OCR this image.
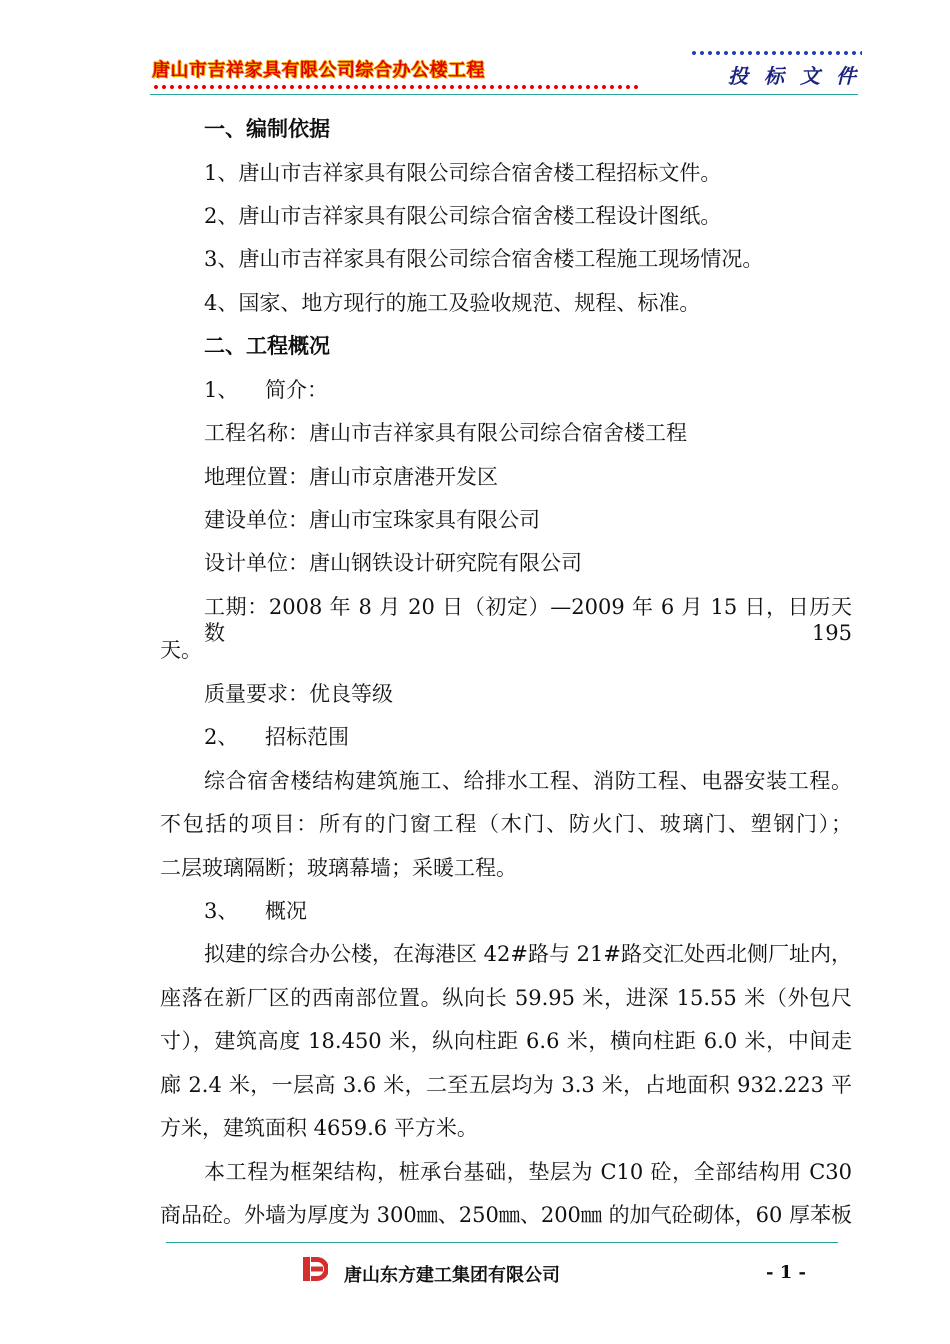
唐山市吉祥家具有限公司综合办公楼工程	投标文件
一、编制依据
1、唐山市吉祥家具有限公司综合宿舍楼工程招标文件。
2、唐山市吉祥家具有限公司综合宿舍楼工程设计图纸。
3、唐山市吉祥家具有限公司综合宿舍楼工程施工现场情况。
4、国家、地方现行的施工及验收规范、规程、标准。
二、工程概况
1、    简介：
工程名称：唐山市吉祥家具有限公司综合宿舍楼工程
地理位置：唐山市京唐港开发区
建设单位：唐山市宝珠家具有限公司
设计单位：唐山钢铁设计研究院有限公司
工期：2008 年 8 月 20 日（初定）—2009 年 6 月 15 日，日历天数 195
天。
质量要求：优良等级
2、    招标范围
综合宿舍楼结构建筑施工、给排水工程、消防工程、电器安装工程。
不包括的项目：所有的门窗工程（木门、防火门、玻璃门、塑钢门）；
二层玻璃隔断；玻璃幕墙；采暖工程。
3、    概况
拟建的综合办公楼，在海港区 42#路与 21#路交汇处西北侧厂址内，
座落在新厂区的西南部位置。纵向长 59.95 米，进深 15.55 米（外包尺
寸），建筑高度 18.450 米，纵向柱距 6.6 米，横向柱距 6.0 米，中间走
廊 2.4 米，一层高 3.6 米，二至五层均为 3.3 米，占地面积 932.223 平
方米，建筑面积 4659.6 平方米。
本工程为框架结构，桩承台基础，垫层为 C10 砼，全部结构用 C30
商品砼。外墙为厚度为 300㎜、250㎜、200㎜ 的加气砼砌体，60 厚苯板
唐山东方建工集团有限公司	- 1 -
